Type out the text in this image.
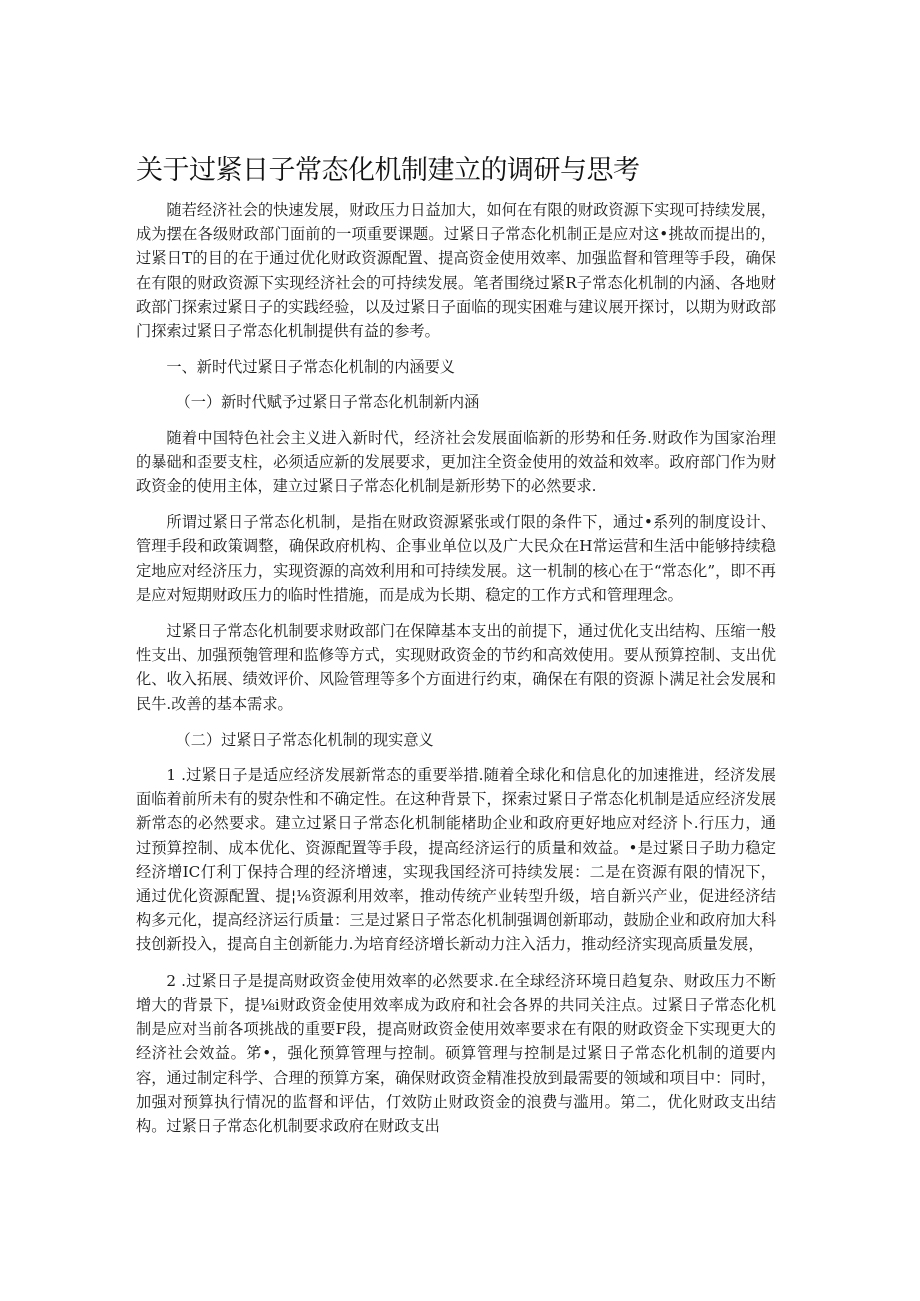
关于过紧日子常态化机制建立的调研与思考

随若经济社会的快速发展，财政压力日益加大，如何在有限的财政资源下实现可持续发展，成为摆在各级财政部门面前的一项重要课题。过紧日子常态化机制正是应对这•挑故而提出的，过紧日T的目的在于通过优化财政资源配置、提高资金使用效率、加强监督和管理等手段，确保在有限的财政资源下实现经济社会的可持续发展。笔者围绕过紧R子常态化机制的内涵、各地财政部门探索过紧日子的实践经验，以及过紧日子面临的现实困难与建议展开探讨，以期为财政部门探索过紧日子常态化机制提供有益的参考。

一、新时代过紧日子常态化机制的内涵要义

（一）新时代赋予过紧日子常态化机制新内涵

随着中国特色社会主义进入新时代，经济社会发展面临新的形势和任务.财政作为国家治理的暴础和歪要支柱，必须适应新的发展要求，更加注全资金使用的效益和效率。政府部门作为财政资金的使用主体，建立过紧日子常态化机制是新形势下的必然要求.

所谓过紧日子常态化机制，是指在财政资源紧张或仃限的条件下，通过•系列的制度设计、管理手段和政策调整，确保政府机构、企事业单位以及广大民众在H常运营和生活中能够持续稳定地应对经济压力，实现资源的高效利用和可持续发展。这一机制的核心在于“常态化”，即不再是应对短期财政压力的临时性措施，而是成为长期、稳定的工作方式和管理理念。

过紧日子常态化机制要求财政部门在保障基本支出的前提下，通过优化支出结构、压缩一般性支出、加强预匏管理和监修等方式，实现财政资金的节约和高效使用。要从预算控制、支出优化、收入拓展、绩效评价、风险管理等多个方面进行约束，确保在有限的资源卜满足社会发展和民牛.改善的基本需求。

（二）过紧日子常态化机制的现实意义

1 .过紧日子是适应经济发展新常态的重要举措.随着全球化和信息化的加速推进，经济发展面临着前所未有的熨杂性和不确定性。在这种背景下，探索过紧日子常态化机制是适应经济发展新常态的必然要求。建立过紧日子常态化机制能楮助企业和政府更好地应对经济卜.行压力，通过预算控制、成本优化、资源配置等手段，提高经济运行的质量和效益。•是过紧日子助力稳定经济增IC仃利丁保持合理的经济增速，实现我国经济可持续发展：二是在资源有限的情况下，通过优化资源配置、提¦⅛资源利用效率，推动传统产业转型升级，培自新兴产业，促进经济结构多元化，提高经济运行质量：三是过紧日子常态化机制强调创新耶动，鼓励企业和政府加大科技创新投入，提高自主创新能力.为培育经济增长新动力注入活力，推动经济实现高质量发展，

2 .过紧日子是提高财政资金使用效率的必然要求.在全球经济环境日趋复杂、财政压力不断增大的背景下，提⅛i财政资金使用效率成为政府和社会各界的共同关注点。过紧日子常态化机制是应对当前各项挑战的重要F段，提高财政资金使用效率要求在有限的财政资金下实现更大的经济社会效益。笫•，强化预算管理与控制。硕算管理与控制是过紧日子常态化机制的道要内容，通过制定科学、合理的预算方案，确保财政资金精准投放到最需要的领域和项目中：同时，加强对预算执行情况的监督和评估，仃效防止财政资金的浪费与滥用。第二，优化财政支出结构。过紧日子常态化机制要求政府在财政支出
